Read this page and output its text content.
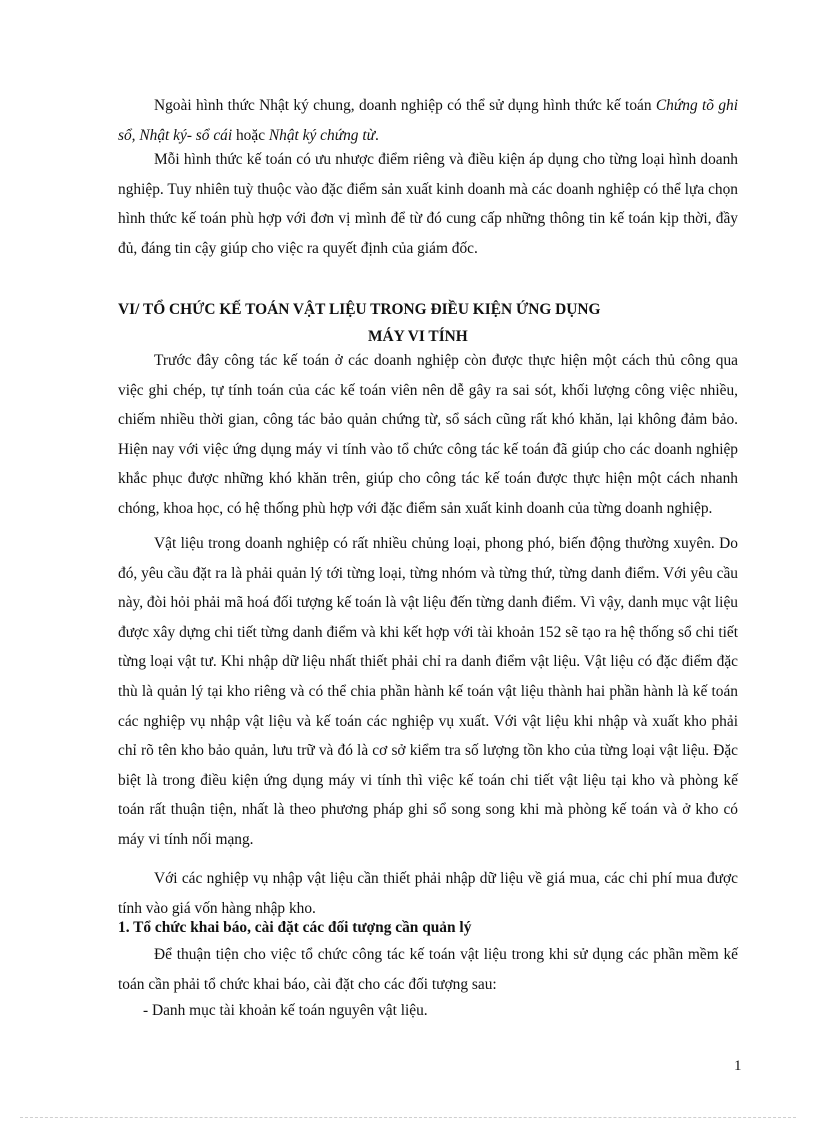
Ngoài hình thức Nhật ký chung, doanh nghiệp có thể sử dụng hình thức kế toán Chứng tõ ghi sổ, Nhật ký- sổ cái hoặc Nhật ký chứng từ.

Mỗi hình thức kế toán có ưu nhược điểm riêng và điều kiện áp dụng cho từng loại hình doanh nghiệp. Tuy nhiên tuỳ thuộc vào đặc điểm sản xuất kinh doanh mà các doanh nghiệp có thể lựa chọn hình thức kế toán phù hợp với đơn vị mình để từ đó cung cấp những thông tin kế toán kịp thời, đầy đủ, đáng tin cậy giúp cho việc ra quyết định của giám đốc.

VI/ TỔ CHỨC KẾ TOÁN VẬT LIỆU TRONG ĐIỀU KIỆN ỨNG DỤNG
MÁY VI TÍNH

Trước đây công tác kế toán ở các doanh nghiệp còn được thực hiện một cách thủ công qua việc ghi chép, tự tính toán của các kế toán viên nên dễ gây ra sai sót, khối lượng công việc nhiều, chiếm nhiều thời gian, công tác bảo quản chứng từ, sổ sách cũng rất khó khăn, lại không đảm bảo. Hiện nay với việc ứng dụng máy vi tính vào tổ chức công tác kế toán đã giúp cho các doanh nghiệp khắc phục được những khó khăn trên, giúp cho công tác kế toán được thực hiện một cách nhanh chóng, khoa học, có hệ thống phù hợp với đặc điểm sản xuất kinh doanh của từng doanh nghiệp.

Vật liệu trong doanh nghiệp có rất nhiều chủng loại, phong phó, biến động thường xuyên. Do đó, yêu cầu đặt ra là phải quản lý tới từng loại, từng nhóm và từng thứ, từng danh điểm. Với yêu cầu này, đòi hỏi phải mã hoá đối tượng kế toán là vật liệu đến từng danh điểm. Vì vậy, danh mục vật liệu được xây dựng chi tiết từng danh điểm và khi kết hợp với tài khoản 152 sẽ tạo ra hệ thống sổ chi tiết từng loại vật tư. Khi nhập dữ liệu nhất thiết phải chỉ ra danh điểm vật liệu. Vật liệu có đặc điểm đặc thù là quản lý tại kho riêng và có thể chia phần hành kế toán vật liệu thành hai phần hành là kế toán các nghiệp vụ nhập vật liệu và kế toán các nghiệp vụ xuất. Với vật liệu khi nhập và xuất kho phải chỉ rõ tên kho bảo quản, lưu trữ và đó là cơ sở kiểm tra số lượng tồn kho của từng loại vật liệu. Đặc biệt là trong điều kiện ứng dụng máy vi tính thì việc kế toán chi tiết vật liệu tại kho và phòng kế toán rất thuận tiện, nhất là theo phương pháp ghi sổ song song khi mà phòng kế toán và ở kho có máy vi tính nối mạng.

Với các nghiệp vụ nhập vật liệu cần thiết phải nhập dữ liệu về giá mua, các chi phí mua được tính vào giá vốn hàng nhập kho.

1. Tổ chức khai báo, cài đặt các đối tượng cần quản lý

Để thuận tiện cho việc tổ chức công tác kế toán vật liệu trong khi sử dụng các phần mềm kế toán cần phải tổ chức khai báo, cài đặt cho các đối tượng sau:

- Danh mục tài khoản kế toán nguyên vật liệu.

1
